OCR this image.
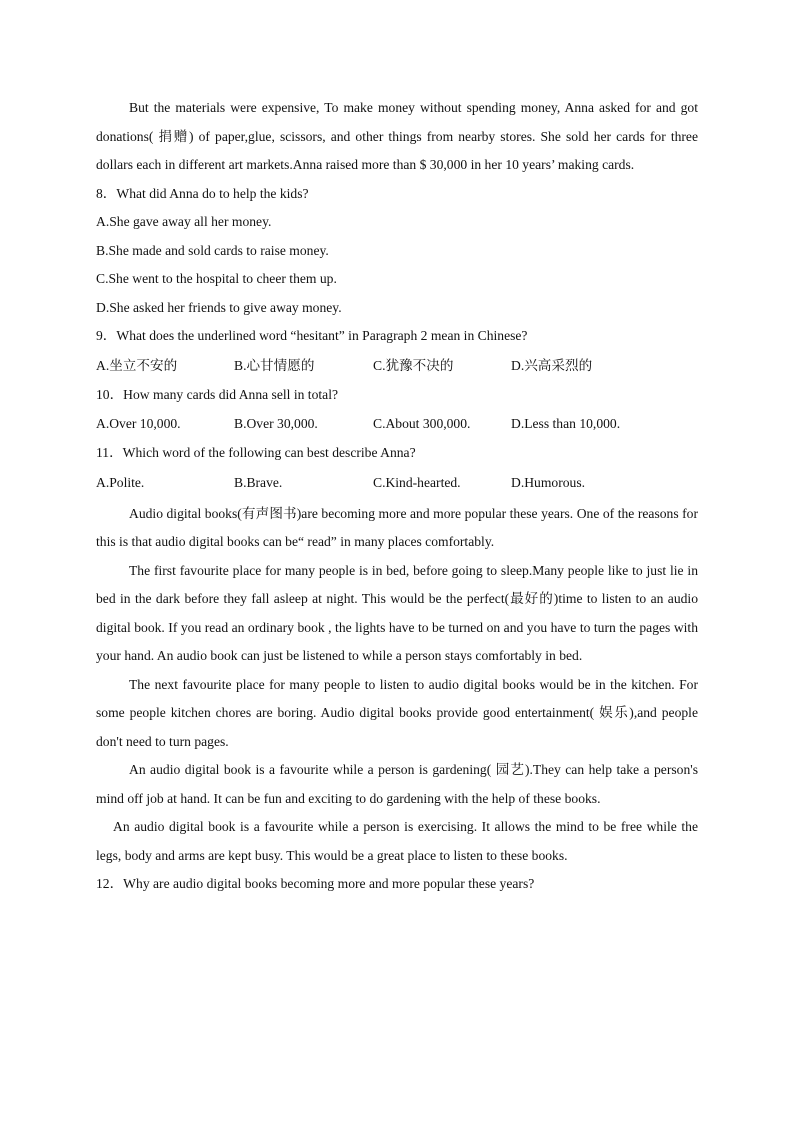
But the materials were expensive, To make money without spending money, Anna asked for and got donations( 捐赠) of paper,glue, scissors, and other things from nearby stores. She sold her cards for three dollars each in different art markets.Anna raised more than $ 30,000 in her 10 years’ making cards.

8．What did Anna do to help the kids?

A.She gave away all her money.

B.She made and sold cards to raise money.

C.She went to the hospital to cheer them up.

D.She asked her friends to give away money.

9．What does the underlined word “hesitant” in Paragraph 2 mean in Chinese?

A.坐立不安的	B.心甘情愿的	C.犹豫不决的	D.兴高采烈的

10．How many cards did Anna sell in total?

A.Over 10,000.	B.Over 30,000.	C.About 300,000.	D.Less than 10,000.

11．Which word of the following can best describe Anna?

A.Polite.	B.Brave.	C.Kind-hearted.	D.Humorous.

Audio digital books(有声图书)are becoming more and more popular these years. One of the reasons for this is that audio digital books can be“ read” in many places comfortably.

The first favourite place for many people is in bed, before going to sleep.Many people like to just lie in bed in the dark before they fall asleep at night. This would be the perfect(最好的)time to listen to an audio digital book. If you read an ordinary book , the lights have to be turned on and you have to turn the pages with your hand. An audio book can just be listened to while a person stays comfortably in bed.

The next favourite place for many people to listen to audio digital books would be in the kitchen. For some people kitchen chores are boring. Audio digital books provide good entertainment( 娱乐),and people don't need to turn pages.

An audio digital book is a favourite while a person is gardening( 园艺).They can help take a person's mind off job at hand. It can be fun and exciting to do gardening with the help of these books.

An audio digital book is a favourite while a person is exercising. It allows the mind to be free while the legs, body and arms are kept busy. This would be a great place to listen to these books.

12．Why are audio digital books becoming more and more popular these years?
